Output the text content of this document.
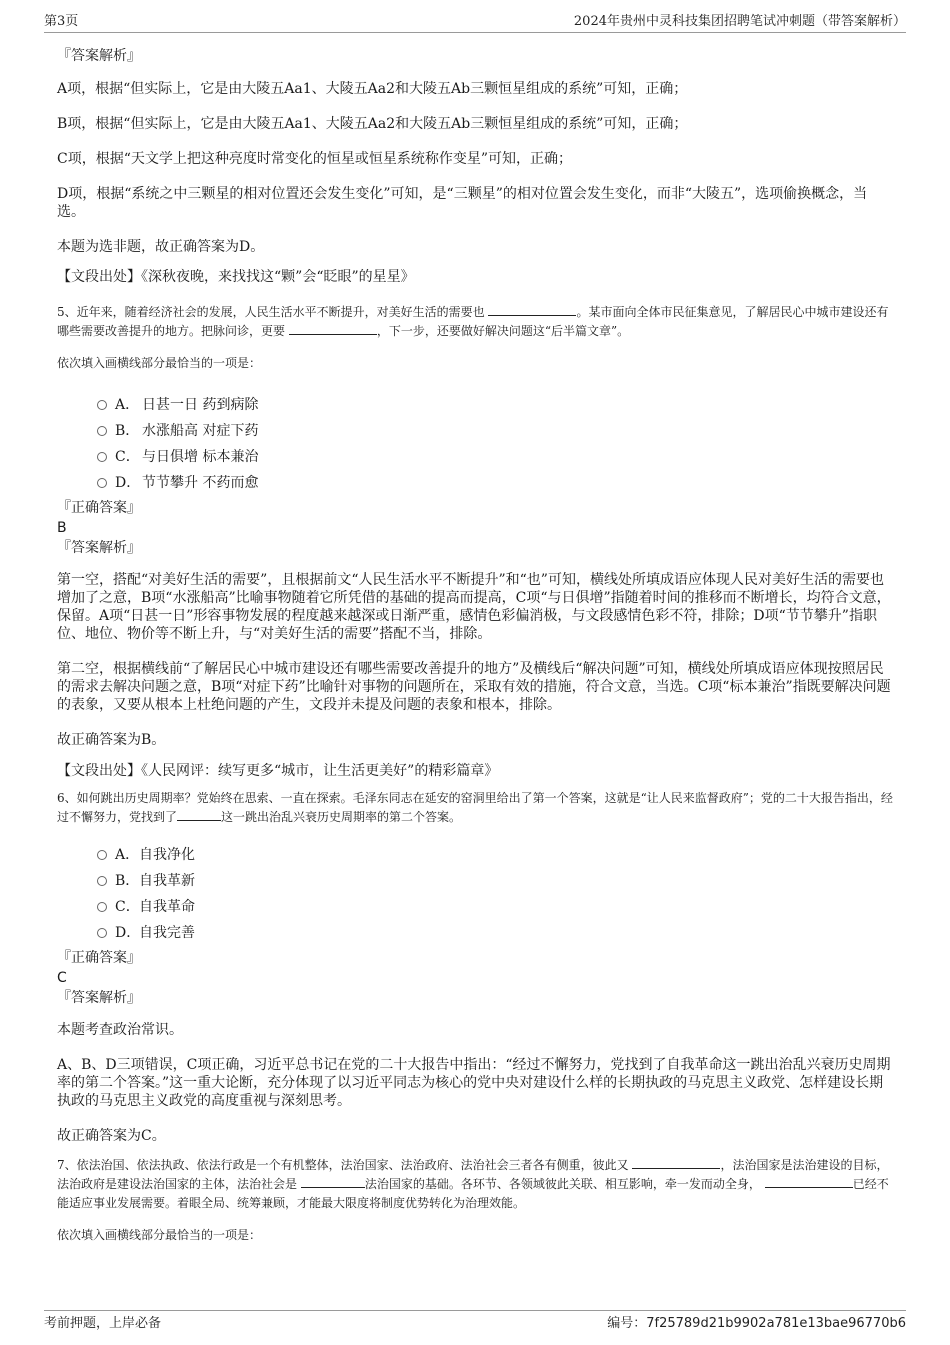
第3页	2024年贵州中灵科技集团招聘笔试冲刺题（带答案解析）

『答案解析』

A项，根据“但实际上，它是由大陵五Aa1、大陵五Aa2和大陵五Ab三颗恒星组成的系统”可知，正确；

B项，根据“但实际上，它是由大陵五Aa1、大陵五Aa2和大陵五Ab三颗恒星组成的系统”可知，正确；

C项，根据“天文学上把这种亮度时常变化的恒星或恒星系统称作变星”可知，正确；

D项，根据“系统之中三颗星的相对位置还会发生变化”可知，是“三颗星”的相对位置会发生变化，而非“大陵五”，选项偷换概念，当选。

本题为选非题，故正确答案为D。

【文段出处】《深秋夜晚，来找找这“颗”会“眨眼”的星星》

5、近年来，随着经济社会的发展，人民生活水平不断提升，对美好生活的需要也	。某市面向全体市民征集意见，了解居民心中城市建设还有哪些需要改善提升的地方。把脉问诊，更要	，下一步，还要做好解决问题这“后半篇文章”。

依次填入画横线部分最恰当的一项是：

A． 日甚一日 药到病除
B． 水涨船高 对症下药
C． 与日俱增 标本兼治
D． 节节攀升 不药而愈

『正确答案』

B

『答案解析』

第一空，搭配“对美好生活的需要”，且根据前文“人民生活水平不断提升”和“也”可知，横线处所填成语应体现人民对美好生活的需要也增加了之意，B项“水涨船高”比喻事物随着它所凭借的基础的提高而提高，C项“与日俱增”指随着时间的推移而不断增长，均符合文意，保留。A项“日甚一日”形容事物发展的程度越来越深或日渐严重，感情色彩偏消极，与文段感情色彩不符，排除；D项“节节攀升”指职位、地位、物价等不断上升，与“对美好生活的需要”搭配不当，排除。

第二空，根据横线前“了解居民心中城市建设还有哪些需要改善提升的地方”及横线后“解决问题”可知，横线处所填成语应体现按照居民的需求去解决问题之意，B项“对症下药”比喻针对事物的问题所在，采取有效的措施，符合文意，当选。C项“标本兼治”指既要解决问题的表象，又要从根本上杜绝问题的产生，文段并未提及问题的表象和根本，排除。

故正确答案为B。

【文段出处】《人民网评：续写更多“城市，让生活更美好”的精彩篇章》

6、如何跳出历史周期率？党始终在思索、一直在探索。毛泽东同志在延安的窑洞里给出了第一个答案，这就是“让人民来监督政府”；党的二十大报告指出，经过不懈努力，党找到了	这一跳出治乱兴衰历史周期率的第二个答案。

A． 自我净化
B． 自我革新
C． 自我革命
D．
自我完善

『正确答案』

C

『答案解析』

本题考查政治常识。

A、B、D三项错误，C项正确，习近平总书记在党的二十大报告中指出：“经过不懈努力，党找到了自我革命这一跳出治乱兴衰历史周期率的第二个答案。”这一重大论断，充分体现了以习近平同志为核心的党中央对建设什么样的长期执政的马克思主义政党、怎样建设长期执政的马克思主义政党的高度重视与深刻思考。

故正确答案为C。

7、依法治国、依法执政、依法行政是一个有机整体，法治国家、法治政府、法治社会三者各有侧重，彼此又	，法治国家是法治建设的目标，法治政府是建设法治国家的主体，法治社会是	法治国家的基础。各环节、各领域彼此关联、相互影响，牵一发而动全身，	已经不能适应事业发展需要。着眼全局、统筹兼顾，才能最大限度将制度优势转化为治理效能。

依次填入画横线部分最恰当的一项是：

考前押题，上岸必备	编号：7f25789d21b9902a781e13bae96770b6
